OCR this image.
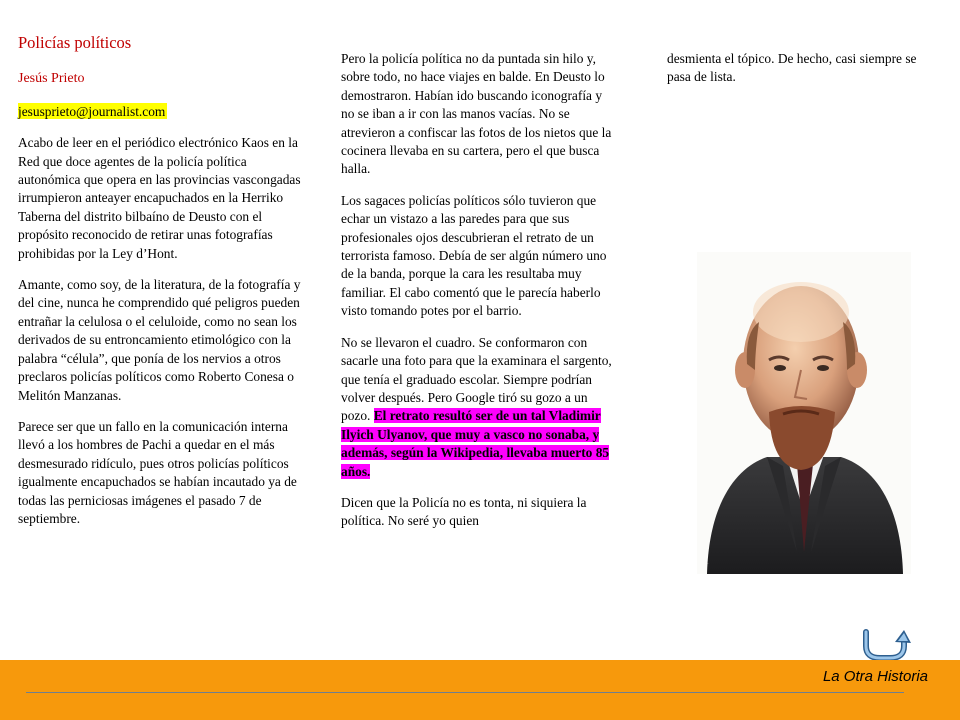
Policías políticos

Jesús Prieto

jesusprieto@journalist.com

Acabo de leer en el periódico electrónico Kaos en la Red que doce agentes de la policía política autonómica que opera en las provincias vascongadas irrumpieron anteayer encapuchados en la Herriko Taberna del distrito bilbaíno de Deusto con el propósito reconocido de retirar unas fotografías prohibidas por la Ley d’Hont.

Amante, como soy, de la literatura, de la fotografía y del cine, nunca he comprendido qué peligros pueden entrañar la celulosa o el celuloide, como no sean los derivados de su entroncamiento etimológico con la palabra “célula”, que ponía de los nervios a otros preclaros policías políticos como Roberto Conesa o Melitón Manzanas.

Parece ser que un fallo en la comunicación interna llevó a los hombres de Pachi a quedar en el más desmesurado ridículo, pues otros policías políticos igualmente encapuchados se habían incautado ya de todas las perniciosas imágenes el pasado 7 de septiembre.

Pero la policía política no da puntada sin hilo y, sobre todo, no hace viajes en balde. En Deusto lo demostraron. Habían ido buscando iconografía y no se iban a ir con las manos vacías. No se atrevieron a confiscar las fotos de los nietos que la cocinera llevaba en su cartera, pero el que busca halla.

Los sagaces policías políticos sólo tuvieron que echar un vistazo a las paredes para que sus profesionales ojos descubrieran el retrato de un terrorista famoso. Debía de ser algún número uno de la banda, porque la cara les resultaba muy familiar. El cabo comentó que le parecía haberlo visto tomando potes por el barrio.

No se llevaron el cuadro. Se conformaron con sacarle una foto para que la examinara el sargento, que tenía el graduado escolar. Siempre podrían volver después. Pero Google tiró su gozo a un pozo. El retrato resultó ser de un tal Vladimir Ilyich Ulyanov, que muy a vasco no sonaba, y además, según la Wikipedia, llevaba muerto 85 años.

Dicen que la Policía no es tonta, ni siquiera la política. No seré yo quien

desmienta el tópico. De hecho, casi siempre se pasa de lista.

·
La Otra Historia
